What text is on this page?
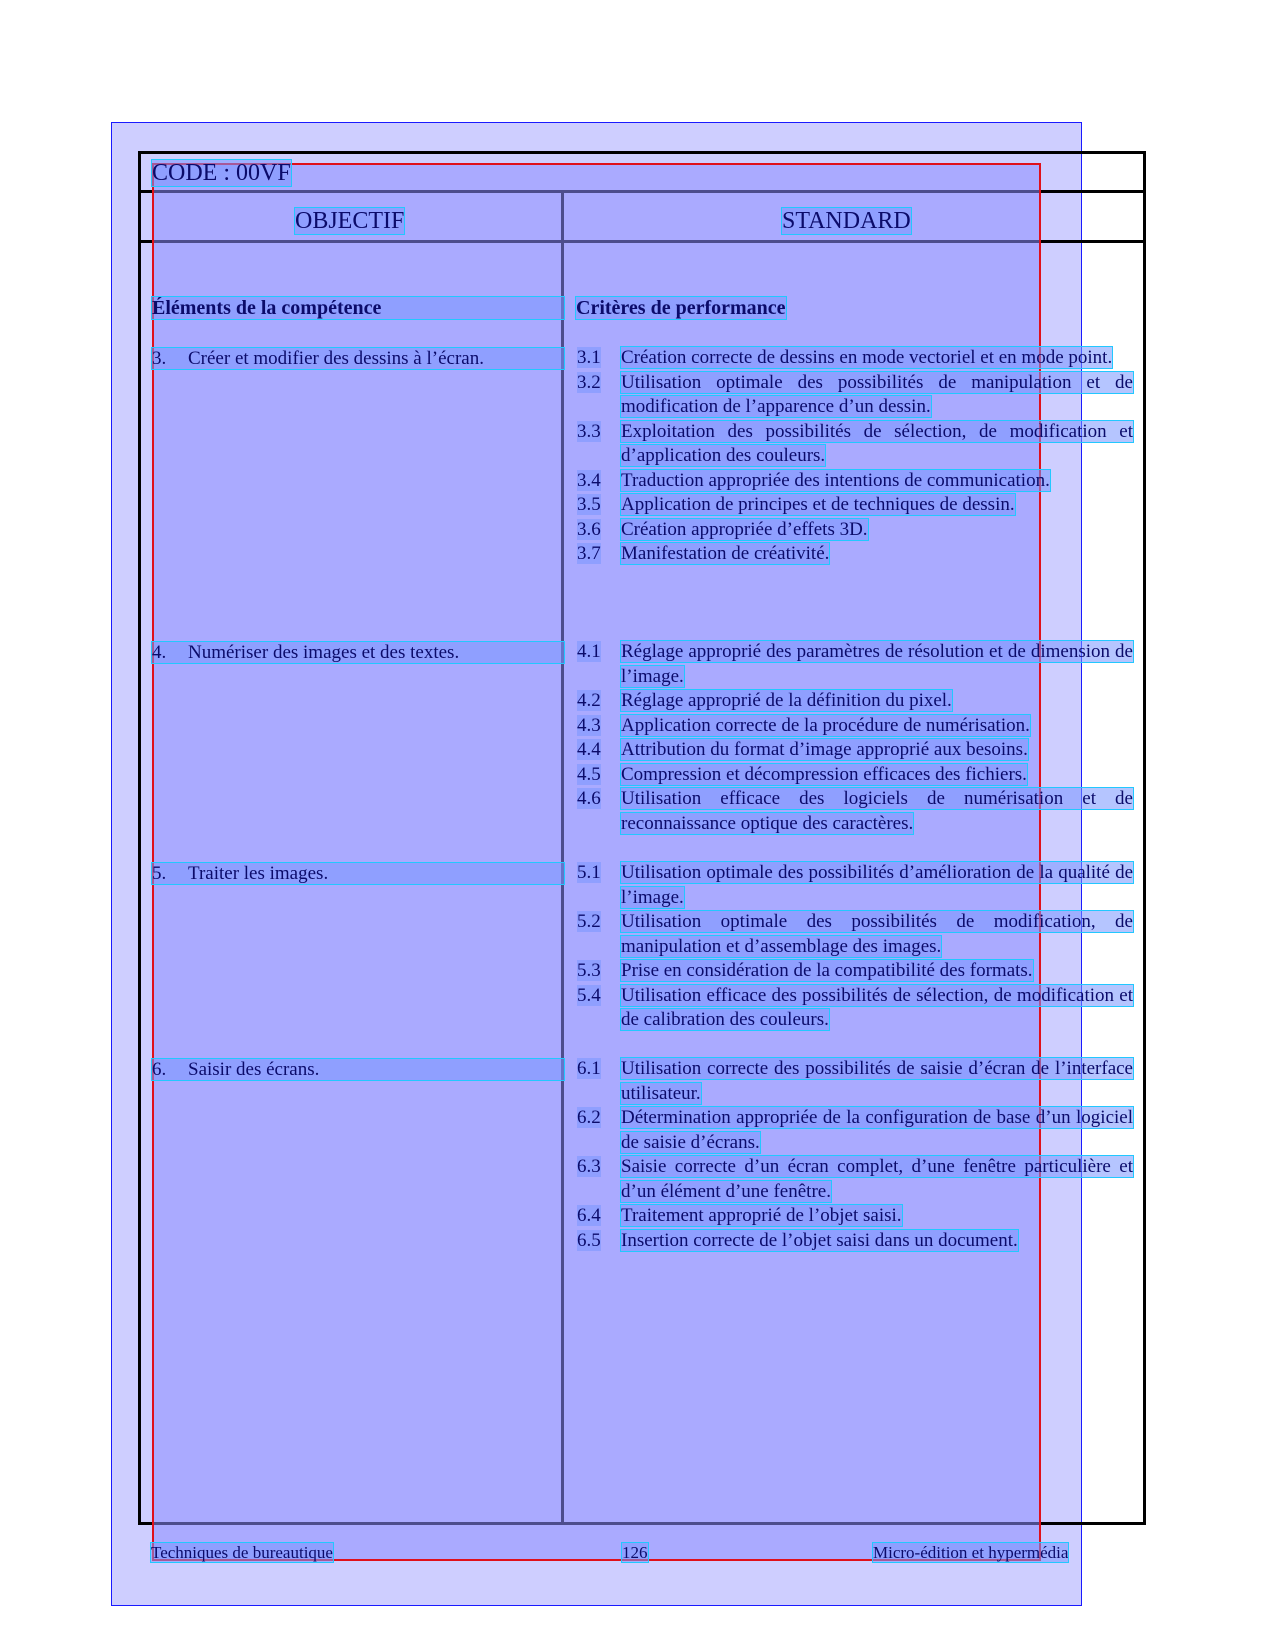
CODE : 00VF
OBJECTIF	STANDARD
Éléments de la compétence	Critères de performance
3. Créer et modifier des dessins à l’écran.	3.1	Création correcte de dessins en mode vectoriel et en mode point.
3.2	Utilisation optimale des possibilités de manipulation et de modification de l’apparence d’un dessin.
3.3	Exploitation des possibilités de sélection, de modification et d’application des couleurs.
3.4	Traduction appropriée des intentions de communication.
3.5	Application de principes et de techniques de dessin.
3.6	Création appropriée d’effets 3D.
3.7	Manifestation de créativité.
4. Numériser des images et des textes.	4.1	Réglage approprié des paramètres de résolution et de dimension de l’image.
4.2	Réglage approprié de la définition du pixel.
4.3	Application correcte de la procédure de numérisation.
4.4	Attribution du format d’image approprié aux besoins.
4.5	Compression et décompression efficaces des fichiers.
4.6	Utilisation efficace des logiciels de numérisation et de reconnaissance optique des caractères.
5. Traiter les images.	5.1	Utilisation optimale des possibilités d’amélioration de la qualité de l’image.
5.2	Utilisation optimale des possibilités de modification, de manipulation et d’assemblage des images.
5.3	Prise en considération de la compatibilité des formats.
5.4	Utilisation efficace des possibilités de sélection, de modification et de calibration des couleurs.
6. Saisir des écrans.	6.1	Utilisation correcte des possibilités de saisie d’écran de l’interface utilisateur.
6.2	Détermination appropriée de la configuration de base d’un logiciel de saisie d’écrans.
6.3	Saisie correcte d’un écran complet, d’une fenêtre particulière et d’un élément d’une fenêtre.
6.4	Traitement approprié de l’objet saisi.
6.5	Insertion correcte de l’objet saisi dans un document.
Techniques de bureautique	126	Micro-édition et hypermédia
